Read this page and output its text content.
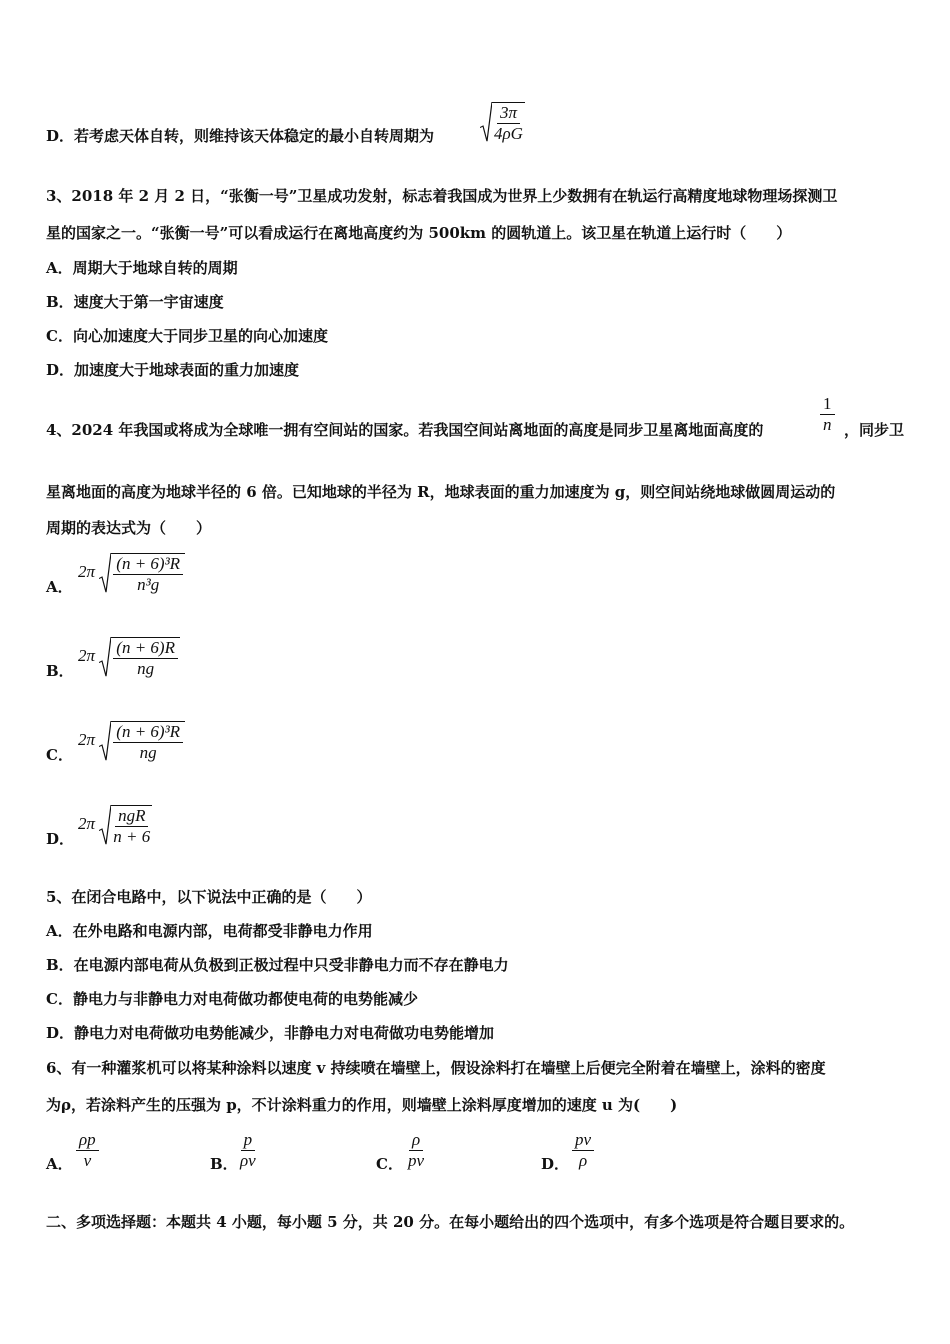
D．若考虑天体自转，则维持该天体稳定的最小自转周期为	$\frac{3\pi}{4\rho G}$
3、2018 年 2 月 2 日，“张衡一号”卫星成功发射，标志着我国成为世界上少数拥有在轨运行高精度地球物理场探测卫
星的国家之一。“张衡一号”可以看成运行在离地高度约为 500km 的圆轨道上。该卫星在轨道上运行时（　　）
A．周期大于地球自转的周期
B．速度大于第一宇宙速度
C．向心加速度大于同步卫星的向心加速度
D．加速度大于地球表面的重力加速度
4、2024 年我国或将成为全球唯一拥有空间站的国家。若我国空间站离地面的高度是同步卫星离地面高度的	$\frac{1}{n}$ ，同步卫
星离地面的高度为地球半径的 6 倍。已知地球的半径为 R，地球表面的重力加速度为 g，则空间站绕地球做圆周运动的
周期的表达式为（　　）
A．
$2\pi \frac{\text{(n + 6)³R}}{\text{n³g}}$
B．
$2\pi \frac{(n + 6)R}{ng}$
C．
$2\pi \frac{\text{(n + 6)³R}}{ng}$
D．
$2\pi \frac{\text{ngR}}{n + 6}$
5、在闭合电路中，以下说法中正确的是（　　）
A．在外电路和电源内部，电荷都受非静电力作用
B．在电源内部电荷从负极到正极过程中只受非静电力而不存在静电力
C．静电力与非静电力对电荷做功都使电荷的电势能减少
D．静电力对电荷做功电势能减少，非静电力对电荷做功电势能增加
6、有一种灌浆机可以将某种涂料以速度 v 持续喷在墙壁上，假设涂料打在墙壁上后便完全附着在墙壁上，涂料的密度
为ρ，若涂料产生的压强为 p，不计涂料重力的作用，则墙壁上涂料厚度增加的速度 u 为(　　)
A． $\frac{\rho p}{v}$	B． $\frac{p}{\rho v}$	C． $\frac{\rho}{pv}$	D． $\frac{pv}{\rho}$
二、多项选择题：本题共 4 小题，每小题 5 分，共 20 分。在每小题给出的四个选项中，有多个选项是符合题目要求的。
